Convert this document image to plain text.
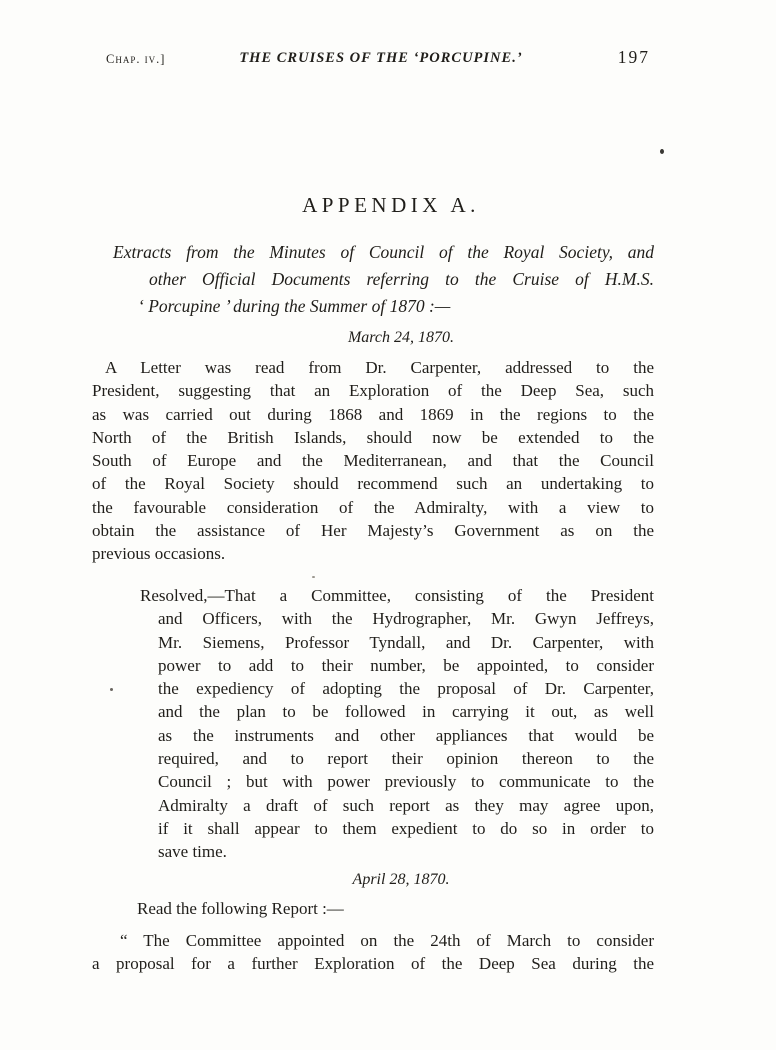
Chap. iv.]	THE CRUISES OF THE ‘PORCUPINE.’	197
APPENDIX A.
Extracts from the Minutes of Council of the Royal Society, and
other Official Documents referring to the Cruise of H.M.S.
‘ Porcupine ’ during the Summer of 1870 :—
March 24, 1870.
A Letter was read from Dr. Carpenter, addressed to the
President, suggesting that an Exploration of the Deep Sea, such
as was carried out during 1868 and 1869 in the regions to the
North of the British Islands, should now be extended to the
South of Europe and the Mediterranean, and that the Council
of the Royal Society should recommend such an undertaking to
the favourable consideration of the Admiralty, with a view to
obtain the assistance of Her Majesty’s Government as on the
previous occasions.
Resolved,—That a Committee, consisting of the President
and Officers, with the Hydrographer, Mr. Gwyn Jeffreys,
Mr. Siemens, Professor Tyndall, and Dr. Carpenter, with
power to add to their number, be appointed, to consider
the expediency of adopting the proposal of Dr. Carpenter,
and the plan to be followed in carrying it out, as well
as the instruments and other appliances that would be
required, and to report their opinion thereon to the
Council ; but with power previously to communicate to the
Admiralty a draft of such report as they may agree upon,
if it shall appear to them expedient to do so in order to
save time.
April 28, 1870.
Read the following Report :—
“ The Committee appointed on the 24th of March to consider
a proposal for a further Exploration of the Deep Sea during the
